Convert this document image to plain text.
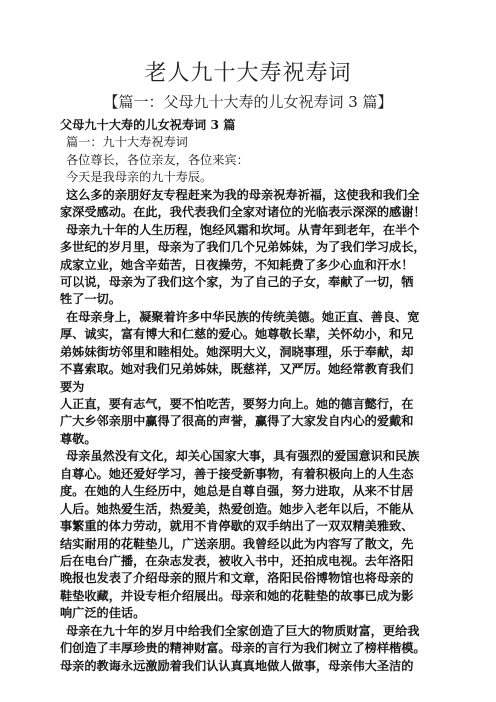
老人九十大寿祝寿词
【篇一：父母九十大寿的儿女祝寿词 3 篇】
父母九十大寿的儿女祝寿词 3 篇
篇一：九十大寿祝寿词
各位尊长，各位亲友，各位来宾：
今天是我母亲的九十寿辰。
这么多的亲朋好友专程赶来为我的母亲祝寿祈福，这使我和我们全
家深受感动。在此，我代表我们全家对诸位的光临表示深深的感谢！
母亲九十年的人生历程，饱经风霜和坎坷。从青年到老年，在半个
多世纪的岁月里，母亲为了我们几个兄弟姊妹，为了我们学习成长，
成家立业，她含辛茹苦，日夜操劳，不知耗费了多少心血和汗水！
可以说，母亲为了我们这个家，为了自己的子女，奉献了一切，牺
牲了一切。
在母亲身上，凝聚着许多中华民族的传统美德。她正直、善良、宽
厚、诚实，富有博大和仁慈的爱心。她尊敬长辈，关怀幼小，和兄
弟姊妹街坊邻里和睦相处。她深明大义，洞晓事理，乐于奉献，却
不喜索取。她对我们兄弟姊妹，既慈祥，又严厉。她经常教育我们
要为
人正直，要有志气，要不怕吃苦，要努力向上。她的德言懿行，在
广大乡邻亲朋中赢得了很高的声誉，赢得了大家发自内心的爱戴和
尊敬。
母亲虽然没有文化，却关心国家大事，具有强烈的爱国意识和民族
自尊心。她还爱好学习，善于接受新事物，有着积极向上的人生态
度。在她的人生经历中，她总是自尊自强，努力进取，从来不甘居
人后。她热爱生活，热爱美，热爱创造。她步入老年以后，不能从
事繁重的体力劳动，就用不肯停歇的双手纳出了一双双精美雅致、
结实耐用的花鞋垫儿，广送亲朋。我曾经以此为内容写了散文，先
后在电台广播，在杂志发表，被收入书中，还拍成电视。去年洛阳
晚报也发表了介绍母亲的照片和文章，洛阳民俗博物馆也将母亲的
鞋垫收藏，并设专柜介绍展出。母亲和她的花鞋垫的故事已成为影
响广泛的佳话。
母亲在九十年的岁月中给我们全家创造了巨大的物质财富，更给我
们创造了丰厚珍贵的精神财富。母亲的言行为我们树立了榜样楷模。
母亲的教诲永远激励着我们认认真真地做人做事，母亲伟大圣洁的
